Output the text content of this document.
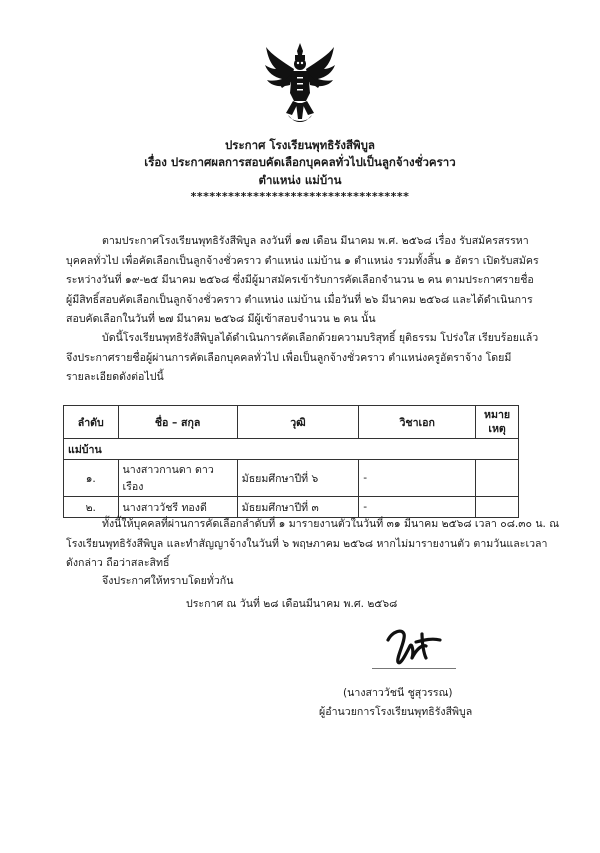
ประกาศ โรงเรียนพุทธิรังสีพิบูล
เรื่อง ประกาศผลการสอบคัดเลือกบุคคลทั่วไปเป็นลูกจ้างชั่วคราว
ตำแหน่ง แม่บ้าน
***********************************
ตามประกาศโรงเรียนพุทธิรังสีพิบูล ลงวันที่ ๑๗ เดือน มีนาคม พ.ศ. ๒๕๖๘ เรื่อง รับสมัครสรรหา
บุคคลทั่วไป เพื่อคัดเลือกเป็นลูกจ้างชั่วคราว ตำแหน่ง แม่บ้าน ๑ ตำแหน่ง รวมทั้งสิ้น ๑ อัตรา เปิดรับสมัคร
ระหว่างวันที่ ๑๙-๒๕ มีนาคม ๒๕๖๘ ซึ่งมีผู้มาสมัครเข้ารับการคัดเลือกจำนวน ๒ คน ตามประกาศรายชื่อ
ผู้มีสิทธิ์สอบคัดเลือกเป็นลูกจ้างชั่วคราว ตำแหน่ง แม่บ้าน เมื่อวันที่ ๒๖ มีนาคม ๒๕๖๘ และได้ดำเนินการ
สอบคัดเลือกในวันที่ ๒๗ มีนาคม ๒๕๖๘ มีผู้เข้าสอบจำนวน ๒ คน นั้น
บัดนี้โรงเรียนพุทธิรังสีพิบูลได้ดำเนินการคัดเลือกด้วยความบริสุทธิ์ ยุติธรรม โปร่งใส เรียบร้อยแล้ว
จึงประกาศรายชื่อผู้ผ่านการคัดเลือกบุคคลทั่วไป เพื่อเป็นลูกจ้างชั่วคราว ตำแหน่งครูอัตราจ้าง โดยมี
รายละเอียดดังต่อไปนี้
ลำดับ	ชื่อ – สกุล	วุฒิ	วิชาเอก	หมาย
เหตุ
แม่บ้าน				
๑.	นางสาวกานดา ดาวเรือง	มัธยมศึกษาปีที่ ๖	-	
๒.	นางสาววัชรี ทองดี	มัธยมศึกษาปีที่ ๓	-	
ทั้งนี้ให้บุคคลที่ผ่านการคัดเลือกลำดับที่ ๑ มารายงานตัวในวันที่ ๓๑ มีนาคม ๒๕๖๘ เวลา ๐๘.๓๐ น. ณ
โรงเรียนพุทธิรังสีพิบูล และทำสัญญาจ้างในวันที่ ๖ พฤษภาคม ๒๕๖๘ หากไม่มารายงานตัว ตามวันและเวลา
ดังกล่าว ถือว่าสละสิทธิ์
จึงประกาศให้ทราบโดยทั่วกัน
ประกาศ ณ วันที่ ๒๘ เดือนมีนาคม พ.ศ. ๒๕๖๘
(นางสาววัชนี ชูสุวรรณ)
ผู้อำนวยการโรงเรียนพุทธิรังสีพิบูล
